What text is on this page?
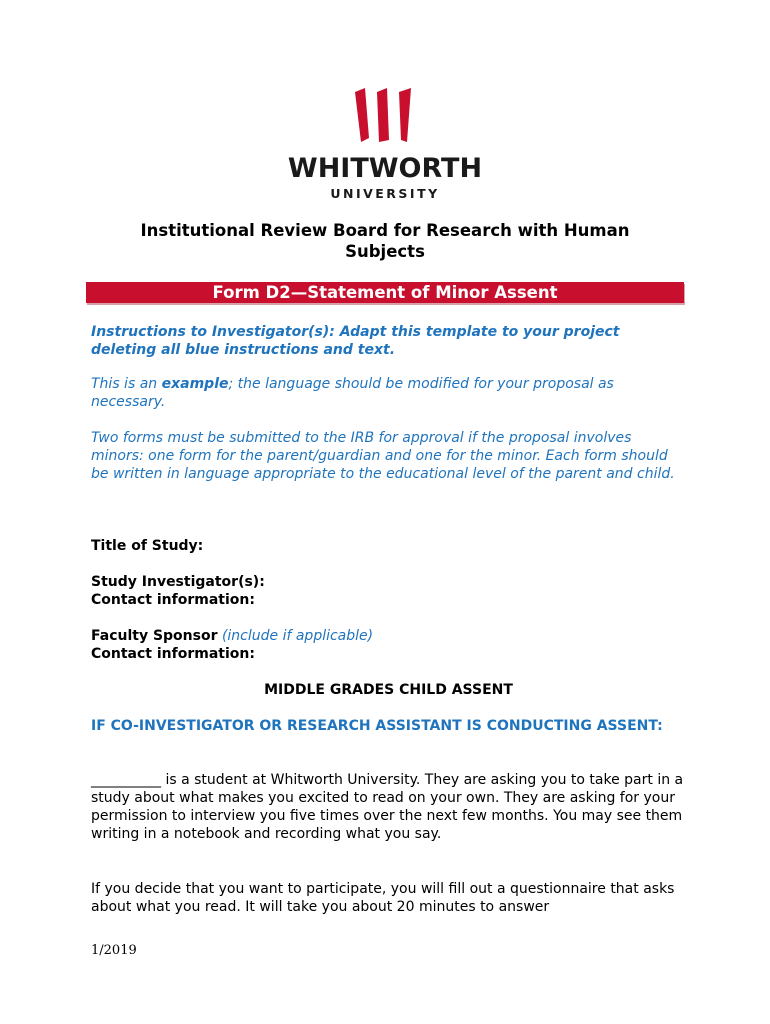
WHITWORTH
UNIVERSITY
Institutional Review Board for Research with Human
Subjects
Form D2—Statement of Minor Assent
Instructions to Investigator(s): Adapt this template to your project deleting all blue instructions and text.
This is an example; the language should be modified for your proposal as necessary.
Two forms must be submitted to the IRB for approval if the proposal involves minors: one form for the parent/guardian and one for the minor. Each form should be written in language appropriate to the educational level of the parent and child.
Title of Study:
Study Investigator(s):
Contact information:
Faculty Sponsor (include if applicable)
Contact information:
MIDDLE GRADES CHILD ASSENT
IF CO-INVESTIGATOR OR RESEARCH ASSISTANT IS CONDUCTING ASSENT:
__________ is a student at Whitworth University. They are asking you to take part in a study about what makes you excited to read on your own. They are asking for your permission to interview you five times over the next few months. You may see them writing in a notebook and recording what you say.
If you decide that you want to participate, you will fill out a questionnaire that asks about what you read. It will take you about 20 minutes to answer
1/2019
